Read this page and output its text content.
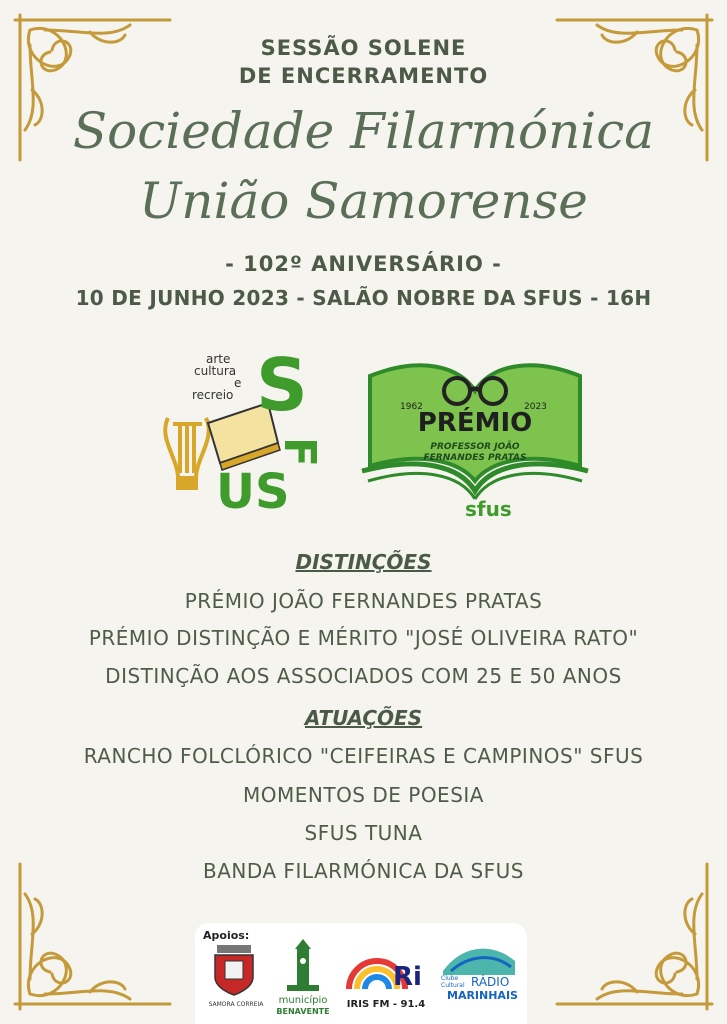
SESSÃO SOLENE
DE ENCERRAMENTO
Sociedade Filarmónica
União Samorense
- 102º ANIVERSÁRIO -
10 DE JUNHO 2023 - SALÃO NOBRE DA SFUS - 16H
S
F
US
arte
cultura
e
recreio
sfus
1962	2023
PRÉMIO
PROFESSOR JOÃO
FERNANDES PRATAS
DISTINÇÕES
PRÉMIO JOÃO FERNANDES PRATAS
PRÉMIO DISTINÇÃO E MÉRITO "JOSÉ OLIVEIRA RATO"
DISTINÇÃO AOS ASSOCIADOS COM 25 E 50 ANOS
ATUAÇÕES
RANCHO FOLCLÓRICO "CEIFEIRAS E CAMPINOS" SFUS
MOMENTOS DE POESIA
SFUS TUNA
BANDA FILARMÓNICA DA SFUS
Apoios:
SAMORA CORREIA	município
BENAVENTE
Ri
IRIS FM - 91.4
Clube
Cultural RÁDIO
MARINHAIS
